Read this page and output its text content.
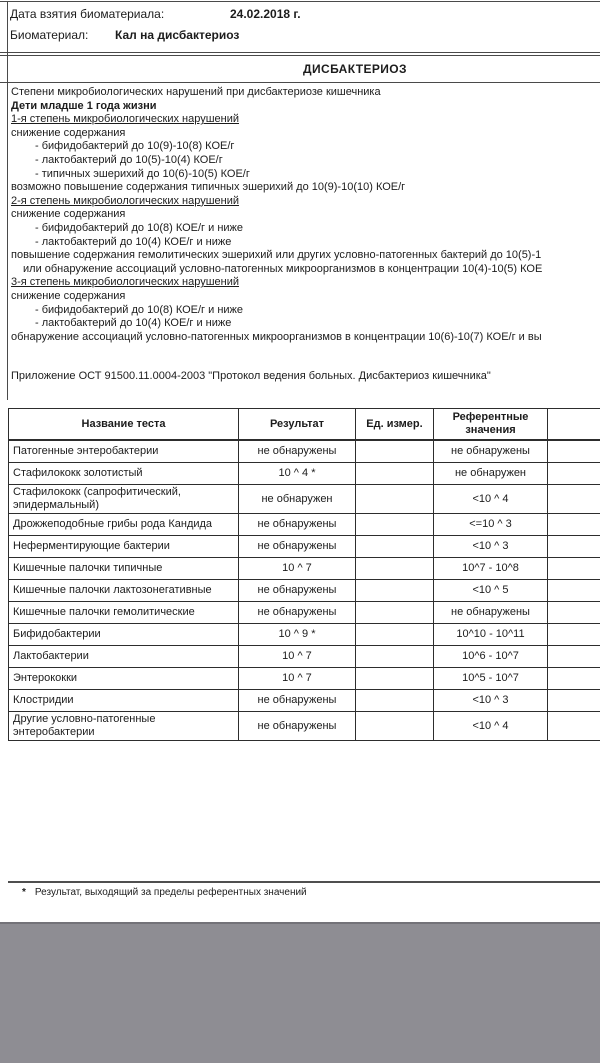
Дата взятия биоматериала:	24.02.2018 г.
Биоматериал: Кал на дисбактериоз
ДИСБАКТЕРИОЗ
Степени микробиологических нарушений при дисбактериозе кишечника
Дети младше 1 года жизни
1-я степень микробиологических нарушений
снижение содержания
- бифидобактерий до 10(9)-10(8) КОЕ/г
- лактобактерий до 10(5)-10(4) КОЕ/г
- типичных эшерихий до 10(6)-10(5) КОЕ/г
возможно повышение содержания типичных эшерихий до 10(9)-10(10) КОЕ/г
2-я степень микробиологических нарушений
снижение содержания
- бифидобактерий до 10(8) КОЕ/г и ниже
- лактобактерий до 10(4) КОЕ/г и ниже
повышение содержания гемолитических эшерихий или других условно-патогенных бактерий до 10(5)-1
или обнаружение ассоциаций условно-патогенных микроорганизмов в концентрации 10(4)-10(5) КОЕ
3-я степень микробиологических нарушений
снижение содержания
- бифидобактерий до 10(8) КОЕ/г и ниже
- лактобактерий до 10(4) КОЕ/г и ниже
обнаружение ассоциаций условно-патогенных микроорганизмов в концентрации 10(6)-10(7) КОЕ/г и вы
Приложение ОСТ 91500.11.0004-2003 "Протокол ведения больных. Дисбактериоз кишечника"
Название теста	Результат	Ед. измер.	Референтные значения	
Патогенные энтеробактерии	не обнаружены		не обнаружены	
Стафилококк золотистый	10 ^ 4 *		не обнаружен	
Стафилококк (сапрофитический, эпидермальный)	не обнаружен		<10 ^ 4	
Дрожжеподобные грибы рода Кандида	не обнаружены		<=10 ^ 3	
Неферментирующие бактерии	не обнаружены		<10 ^ 3	
Кишечные палочки типичные	10 ^ 7		10^7 - 10^8	
Кишечные палочки лактозонегативные	не обнаружены		<10 ^ 5	
Кишечные палочки гемолитические	не обнаружены		не обнаружены	
Бифидобактерии	10 ^ 9 *		10^10 - 10^11	
Лактобактерии	10 ^ 7		10^6 - 10^7	
Энтерококки	10 ^ 7		10^5 - 10^7	
Клостридии	не обнаружены		<10 ^ 3	
Другие условно-патогенные энтеробактерии	не обнаружены		<10 ^ 4	
* Результат, выходящий за пределы референтных значений
